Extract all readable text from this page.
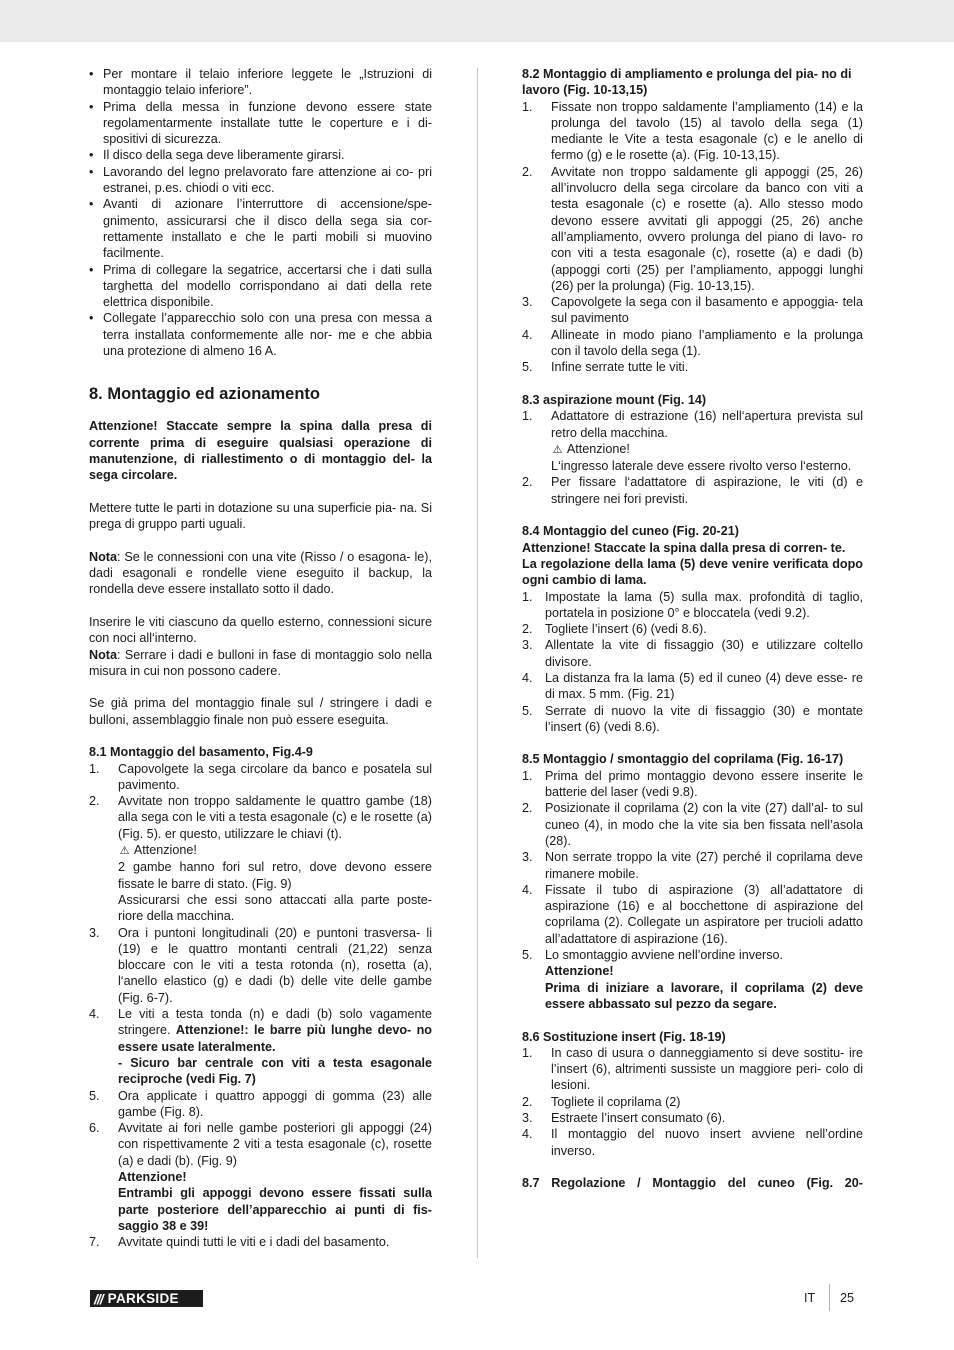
• Per montare il telaio inferiore leggete le „Istruzioni di montaggio telaio inferiore”.
• Prima della messa in funzione devono essere state regolamentarmente installate tutte le coperture e i di- spositivi di sicurezza.
• Il disco della sega deve liberamente girarsi.
• Lavorando del legno prelavorato fare attenzione ai co- pri estranei, p.es. chiodi o viti ecc.
• Avanti di azionare l’interruttore di accensione/spe- gnimento, assicurarsi che il disco della sega sia cor- rettamente installato e che le parti mobili si muovino facilmente.
• Prima di collegare la segatrice, accertarsi che i dati sulla targhetta del modello corrispondano ai dati della rete elettrica disponibile.
• Collegate l’apparecchio solo con una presa con messa a terra installata conformemente alle nor- me e che abbia una protezione di almeno 16 A.
8. Montaggio ed azionamento

Attenzione! Staccate sempre la spina dalla presa di corrente prima di eseguire qualsiasi operazione di manutenzione, di riallestimento o di montaggio del- la sega circolare.

Mettere tutte le parti in dotazione su una superficie pia- na. Si prega di gruppo parti uguali.

Nota: Se le connessioni con una vite (Risso / o esagona- le), dadi esagonali e rondelle viene eseguito il backup, la rondella deve essere installato sotto il dado.

Inserire le viti ciascuno da quello esterno, connessioni sicure con noci all‘interno.

Nota: Serrare i dadi e bulloni in fase di montaggio solo nella misura in cui non possono cadere.

Se già prima del montaggio finale sul / stringere i dadi e bulloni, assemblaggio finale non può essere eseguita.

8.1 Montaggio del basamento, Fig.4-9
1. Capovolgete la sega circolare da banco e posatela sul pavimento.
2. Avvitate non troppo saldamente le quattro gambe (18) alla sega con le viti a testa esagonale (c) e le rosette (a) (Fig. 5). er questo, utilizzare le chiavi (t).
⚠ Attenzione!
2 gambe hanno fori sul retro, dove devono essere fissate le barre di stato. (Fig. 9)
Assicurarsi che essi sono attaccati alla parte poste- riore della macchina.
3. Ora i puntoni longitudinali (20) e puntoni trasversa- li (19) e le quattro montanti centrali (21,22) senza bloccare con le viti a testa rotonda (n), rosetta (a), l‘anello elastico (g) e dadi (b) delle vite delle gambe (Fig. 6-7).
4. Le viti a testa tonda (n) e dadi (b) solo vagamente stringere. Attenzione!: le barre più lunghe devo- no essere usate lateralmente.
- Sicuro bar centrale con viti a testa esagonale reciproche (vedi Fig. 7)
5. Ora applicate i quattro appoggi di gomma (23) alle gambe (Fig. 8).
6. Avvitate ai fori nelle gambe posteriori gli appoggi (24) con rispettivamente 2 viti a testa esagonale (c), rosette (a) e dadi (b). (Fig. 9)
Attenzione!
Entrambi gli appoggi devono essere fissati sulla parte posteriore dell’apparecchio ai punti di fis- saggio 38 e 39!
7. Avvitate quindi tutti le viti e i dadi del basamento.
8.2 Montaggio di ampliamento e prolunga del pia- no di lavoro (Fig. 10-13,15)
1. Fissate non troppo saldamente l’ampliamento (14) e la prolunga del tavolo (15) al tavolo della sega (1) mediante le Vite a testa esagonale (c) e le anello di fermo (g) e le rosette (a). (Fig. 10-13,15).
2. Avvitate non troppo saldamente gli appoggi (25, 26) all’involucro della sega circolare da banco con viti a testa esagonale (c) e rosette (a). Allo stesso modo devono essere avvitati gli appoggi (25, 26) anche all’ampliamento, ovvero prolunga del piano di lavo- ro con viti a testa esagonale (c), rosette (a) e dadi (b) (appoggi corti (25) per l’ampliamento, appoggi lunghi (26) per la prolunga) (Fig. 10-13,15).
3. Capovolgete la sega con il basamento e appoggia- tela sul pavimento
4. Allineate in modo piano l’ampliamento e la prolunga con il tavolo della sega (1).
5. Infine serrate tutte le viti.
8.3 aspirazione mount (Fig. 14)
1. Adattatore di estrazione (16) nell‘apertura prevista sul retro della macchina.
⚠ Attenzione!
L‘ingresso laterale deve essere rivolto verso l‘esterno.
2. Per fissare l‘adattatore di aspirazione, le viti (d) e stringere nei fori previsti.
8.4 Montaggio del cuneo (Fig. 20-21)

Attenzione! Staccate la spina dalla presa di corren- te.

La regolazione della lama (5) deve venire verificata dopo ogni cambio di lama.

1. Impostate la lama (5) sulla max. profondità di taglio, portatela in posizione 0° e bloccatela (vedi 9.2).
2. Togliete l’insert (6) (vedi 8.6).
3. Allentate la vite di fissaggio (30) e utilizzare coltello divisore.
4. La distanza fra la lama (5) ed il cuneo (4) deve esse- re di max. 5 mm. (Fig. 21)
5. Serrate di nuovo la vite di fissaggio (30) e montate l’insert (6) (vedi 8.6).
8.5 Montaggio / smontaggio del coprilama (Fig. 16-17)
1. Prima del primo montaggio devono essere inserite le batterie del laser (vedi 9.8).
2. Posizionate il coprilama (2) con la vite (27) dall’al- to sul cuneo (4), in modo che la vite sia ben fissata nell’asola (28).
3. Non serrate troppo la vite (27) perché il coprilama deve rimanere mobile.
4. Fissate il tubo di aspirazione (3) all’adattatore di aspirazione (16) e al bocchettone di aspirazione del coprilama (2). Collegate un aspiratore per trucioli adatto all’adattatore di aspirazione (16).
5. Lo smontaggio avviene nell’ordine inverso.
Attenzione!
Prima di iniziare a lavorare, il coprilama (2) deve essere abbassato sul pezzo da segare.
8.6 Sostituzione insert (Fig. 18-19)
1. In caso di usura o danneggiamento si deve sostitu- ire l’insert (6), altrimenti sussiste un maggiore peri- colo di lesioni.
2. Togliete il coprilama (2)
3. Estraete l’insert consumato (6).
4. Il montaggio del nuovo insert avviene nell’ordine inverso.
8.7 Regolazione / Montaggio del cuneo (Fig. 20-
/// PARKSIDE	IT 25
